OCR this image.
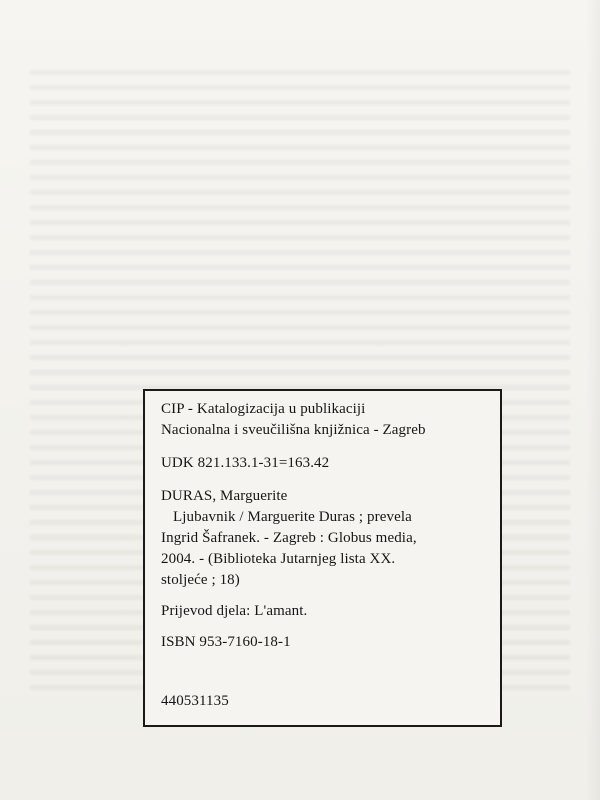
CIP - Katalogizacija u publikaciji
Nacionalna i sveučilišna knjižnica - Zagreb
UDK 821.133.1-31=163.42
DURAS, Marguerite
Ljubavnik / Marguerite Duras ; prevela
Ingrid Šafranek. - Zagreb : Globus media,
2004. - (Biblioteka Jutarnjeg lista XX.
stoljeće ; 18)
Prijevod djela: L'amant.
ISBN 953-7160-18-1
440531135
